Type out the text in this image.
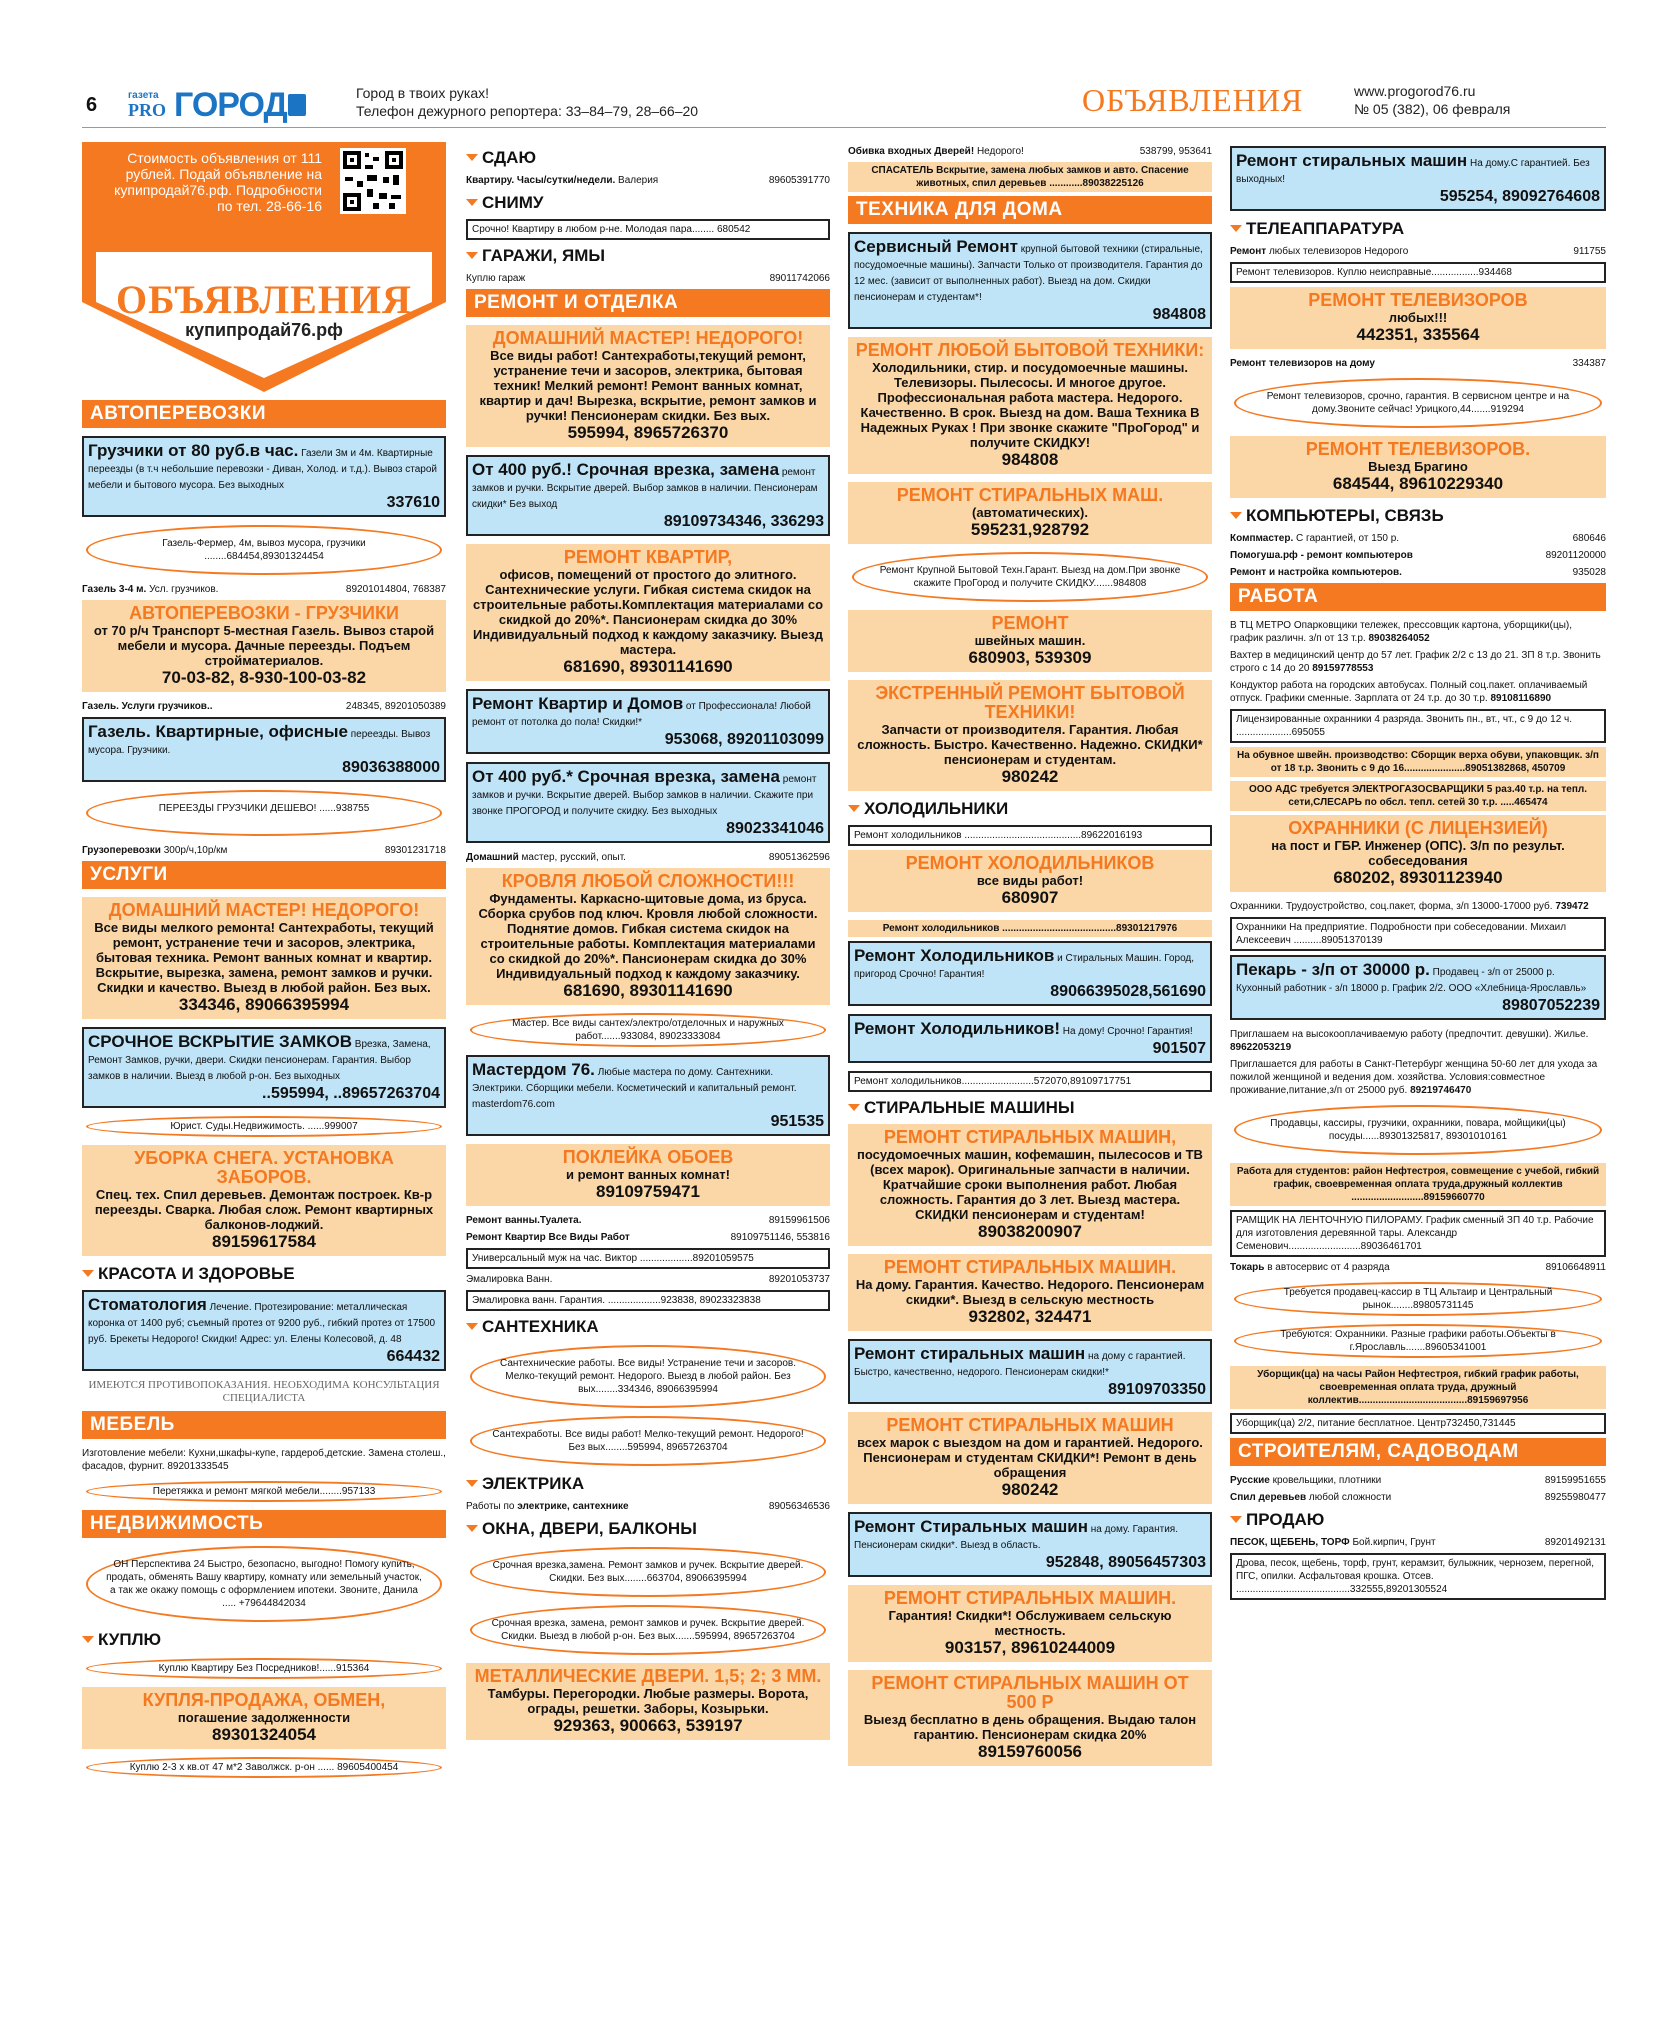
6	газета
PRO ГОРОД	Город в твоих руках!
Телефон дежурного репортера: 33–84–79, 28–66–20	ОБЪЯВЛЕНИЯ	www.progorod76.ru
№ 05 (382), 06 февраля
Стоимость объявления от 111 рублей. Подай объявление на купипродай76.рф. Подробности по тел. 28-66-16
ОБЪЯВЛЕНИЯ
купипродай76.рф
АВТОПЕРЕВОЗКИ
Грузчики от 80 руб.в час. Газели 3м и 4м. Квартирные переезды (в т.ч небольшие перевозки - Диван, Холод. и т.д.). Вывоз старой мебели и бытового мусора. Без выходных
337610
Газель-Фермер, 4м, вывоз мусора, грузчики ........684454,89301324454
Газель 3-4 м. Усл. грузчиков.	89201014804, 768387
АВТОПЕРЕВОЗКИ - ГРУЗЧИКИ
от 70 р/ч Транспорт 5-местная Газель. Вывоз старой мебели и мусора. Дачные переезды. Подъем стройматериалов.
70-03-82, 8-930-100-03-82
Газель. Услуги грузчиков..	248345, 89201050389
Газель. Квартирные, офисные переезды. Вывоз мусора. Грузчики.
89036388000
ПЕРЕЕЗДЫ ГРУЗЧИКИ ДЕШЕВО! ......938755
Грузоперевозки 300р/ч,10р/км	89301231718
УСЛУГИ
ДОМАШНИЙ МАСТЕР! НЕДОРОГО!
Все виды мелкого ремонта! Сантехработы, текущий ремонт, устранение течи и засоров, электрика, бытовая техника. Ремонт ванных комнат и квартир. Вскрытие, вырезка, замена, ремонт замков и ручки. Скидки и качество. Выезд в любой район. Без вых.
334346, 89066395994
СРОЧНОЕ ВСКРЫТИЕ ЗАМКОВ Врезка, Замена, Ремонт Замков, ручки, двери. Скидки пенсионерам. Гарантия. Выбор замков в наличии. Выезд в любой р-он. Без выходных
..595994, ..89657263704
Юрист. Суды.Недвижимость. ......999007
УБОРКА СНЕГА. УСТАНОВКА ЗАБОРОВ.
Спец. тех. Спил деревьев. Демонтаж построек. Кв-р переезды. Сварка. Любая слож. Ремонт квартирных балконов-лоджий.
89159617584
КРАСОТА И ЗДОРОВЬЕ
Стоматология Лечение. Протезирование: металлическая коронка от 1400 руб; съемный протез от 9200 руб., гибкий протез от 17500 руб. Брекеты Недорого! Скидки! Адрес: ул. Елены Колесовой, д. 48
664432
ИМЕЮТСЯ ПРОТИВОПОКАЗАНИЯ. НЕОБХОДИМА КОНСУЛЬТАЦИЯ СПЕЦИАЛИСТА
МЕБЕЛЬ
Изготовление мебели: Кухни,шкафы-купе, гардероб,детские. Замена столеш., фасадов, фурнит. 89201333545
Перетяжка и ремонт мягкой мебели........957133
НЕДВИЖИМОСТЬ
ОН Перспектива 24 Быстро, безопасно, выгодно! Помогу купить, продать, обменять Вашу квартиру, комнату или земельный участок, а так же окажу помощь с оформлением ипотеки. Звоните, Данила ..... +79644842034
КУПЛЮ
Куплю Квартиру Без Посредников!......915364
КУПЛЯ-ПРОДАЖА, ОБМЕН,
погашение задолженности
89301324054
Куплю 2-3 х кв.от 47 м*2 Заволжск. р-он ...... 89605400454
СДАЮ
Квартиру. Часы/сутки/недели. Валерия	89605391770
СНИМУ
Срочно! Квартиру в любом р-не. Молодая пара........ 680542
ГАРАЖИ, ЯМЫ
Куплю гараж	89011742066
РЕМОНТ И ОТДЕЛКА
ДОМАШНИЙ МАСТЕР! НЕДОРОГО!
Все виды работ! Сантехработы,текущий ремонт, устранение течи и засоров, электрика, бытовая техник! Мелкий ремонт! Ремонт ванных комнат, квартир и дач! Вырезка, вскрытие, ремонт замков и ручки! Пенсионерам скидки. Без вых.
595994, 8965726370
От 400 руб.! Срочная врезка, замена ремонт замков и ручки. Вскрытие дверей. Выбор замков в наличии. Пенсионерам скидки* Без выход
89109734346, 336293
РЕМОНТ КВАРТИР,
офисов, помещений от простого до элитного. Сантехнические услуги. Гибкая система скидок на строительные работы.Комплектация материалами со скидкой до 20%*. Пансионерам скидка до 30% Индивидуальный подход к каждому заказчику. Выезд мастера.
681690, 89301141690
Ремонт Квартир и Домов от Профессионала! Любой ремонт от потолка до пола! Скидки!*
953068, 89201103099
От 400 руб.* Срочная врезка, замена ремонт замков и ручки. Вскрытие дверей. Выбор замков в наличии. Скажите при звонке ПРОГОРОД и получите скидку. Без выходных
89023341046
Домашний мастер, русский, опыт.	89051362596
КРОВЛЯ ЛЮБОЙ СЛОЖНОСТИ!!!
Фундаменты. Каркасно-щитовые дома, из бруса. Сборка срубов под ключ. Кровля любой сложности. Поднятие домов. Гибкая система скидок на строительные работы. Комплектация материалами со скидкой до 20%*. Пансионерам скидка до 30% Индивидуальный подход к каждому заказчику.
681690, 89301141690
Мастер. Все виды сантех/электро/отделочных и наружных работ.......933084, 89023333084
Мастердом 76. Любые мастера по дому. Сантехники. Электрики. Сборщики мебели. Косметический и капитальный ремонт. masterdom76.com
951535
ПОКЛЕЙКА ОБОЕВ
и ремонт ванных комнат!
89109759471
Ремонт ванны.Туалета.	89159961506
Ремонт Квартир Все Виды Работ	89109751146, 553816
Универсальный муж на час. Виктор ...................89201059575
Эмалировка Ванн.	89201053737
Эмалировка ванн. Гарантия. ...................923838, 89023323838
САНТЕХНИКА
Сантехнические работы. Все виды! Устранение течи и засоров. Мелко-текущий ремонт. Недорого. Выезд в любой район. Без вых........334346, 89066395994
Сантехработы. Все виды работ! Мелко-текущий ремонт. Недорого! Без вых........595994, 89657263704
ЭЛЕКТРИКА
Работы по электрике, сантехнике	89056346536
ОКНА, ДВЕРИ, БАЛКОНЫ
Срочная врезка,замена. Ремонт замков и ручек. Вскрытие дверей. Скидки. Без вых........663704, 89066395994
Срочная врезка, замена, ремонт замков и ручек. Вскрытие дверей. Скидки. Выезд в любой р-он. Без вых.......595994, 89657263704
МЕТАЛЛИЧЕСКИЕ ДВЕРИ. 1,5; 2; 3 ММ.
Тамбуры. Перегородки. Любые размеры. Ворота, ограды, решетки. Заборы, Козырьки.
929363, 900663, 539197
Обивка входных Дверей! Недорого!	538799, 953641
СПАСАТЕЛЬ Вскрытие, замена любых замков и авто. Спасение животных, спил деревьев ............89038225126
ТЕХНИКА ДЛЯ ДОМА
Сервисный Ремонт крупной бытовой техники (стиральные, посудомоечные машины). Запчасти Только от производителя. Гарантия до 12 мес. (зависит от выполненных работ). Выезд на дом. Скидки пенсионерам и студентам*!
984808
РЕМОНТ ЛЮБОЙ БЫТОВОЙ ТЕХНИКИ:
Холодильники, стир. и посудомоечные машины. Телевизоры. Пылесосы. И многое другое. Профессиональная работа мастера. Недорого. Качественно. В срок. Выезд на дом. Ваша Техника В Надежных Руках ! При звонке скажите "ПроГород" и получите СКИДКУ!
984808
РЕМОНТ СТИРАЛЬНЫХ МАШ.
(автоматических).
595231,928792
Ремонт Крупной Бытовой Техн.Гарант. Выезд на дом.При звонке скажите ПроГород и получите СКИДКУ.......984808
РЕМОНТ
швейных машин.
680903, 539309
ЭКСТРЕННЫЙ РЕМОНТ БЫТОВОЙ ТЕХНИКИ!
Запчасти от производителя. Гарантия. Любая сложность. Быстро. Качественно. Надежно. СКИДКИ* пенсионерам и студентам.
980242
ХОЛОДИЛЬНИКИ
Ремонт холодильников ..........................................89622016193
РЕМОНТ ХОЛОДИЛЬНИКОВ
все виды работ!
680907
Ремонт холодильников .........................................89301217976
Ремонт Холодильников и Стиральных Машин. Город, пригород Срочно! Гарантия!
89066395028,561690
Ремонт Холодильников! На дому! Срочно! Гарантия!
901507
Ремонт холодильников..........................572070,89109717751
СТИРАЛЬНЫЕ МАШИНЫ
РЕМОНТ СТИРАЛЬНЫХ МАШИН,
посудомоечных машин, кофемашин, пылесосов и ТВ (всех марок). Оригинальные запчасти в наличии. Кратчайшие сроки выполнения работ. Любая сложность. Гарантия до 3 лет. Выезд мастера. СКИДКИ пенсионерам и студентам!
89038200907
РЕМОНТ СТИРАЛЬНЫХ МАШИН.
На дому. Гарантия. Качество. Недорого. Пенсионерам скидки*. Выезд в сельскую местность
932802, 324471
Ремонт стиральных машин на дому с гарантией. Быстро, качественно, недорого. Пенсионерам скидки!*
89109703350
РЕМОНТ СТИРАЛЬНЫХ МАШИН
всех марок с выездом на дом и гарантией. Недорого. Пенсионерам и студентам СКИДКИ*! Ремонт в день обращения
980242
Ремонт Стиральных машин на дому. Гарантия. Пенсионерам скидки*. Выезд в область.
952848, 89056457303
РЕМОНТ СТИРАЛЬНЫХ МАШИН.
Гарантия! Скидки*! Обслуживаем сельскую местность.
903157, 89610244009
РЕМОНТ СТИРАЛЬНЫХ МАШИН ОТ 500 Р
Выезд бесплатно в день обращения. Выдаю талон гарантию. Пенсионерам скидка 20%
89159760056
Ремонт стиральных машин На дому.С гарантией. Без выходных!
595254, 89092764608
ТЕЛЕАППАРАТУРА
Ремонт любых телевизоров Недорого	911755
Ремонт телевизоров. Куплю неисправные.................934468
РЕМОНТ ТЕЛЕВИЗОРОВ
любых!!!
442351, 335564
Ремонт телевизоров на дому	334387
Ремонт телевизоров, срочно, гарантия. В сервисном центре и на дому.Звоните сейчас! Урицкого,44.......919294
РЕМОНТ ТЕЛЕВИЗОРОВ.
Выезд Брагино
684544, 89610229340
КОМПЬЮТЕРЫ, СВЯЗЬ
Компмастер. С гарантией, от 150 р.	680646
Помогуша.рф - ремонт компьютеров	89201120000
Ремонт и настройка компьютеров.	935028
РАБОТА
В ТЦ МЕТРО Опарковщики тележек, прессовщик картона, уборщики(цы), график различн. з/п от 13 т.р. 89038264052
Вахтер в медицинский центр до 57 лет. График 2/2 с 13 до 21. ЗП 8 т.р. Звонить строго с 14 до 20 89159778553
Кондуктор работа на городских автобусах. Полный соц.пакет. оплачиваемый отпуск. Графики сменные. Зарплата от 24 т.р. до 30 т.р. 89108116890
Лицензированные охранники 4 разряда. Звонить пн., вт., чт., с 9 до 12 ч. ....................695055
На обувное швейн. производство: Сборщик верха обуви, упаковщик. з/п от 18 т.р. Звонить с 9 до 16......................89051382868, 450709
ООО АДС требуется ЭЛЕКТРОГАЗОСВАРЩИКИ 5 раз.40 т.р. на тепл. сети,СЛЕСАРЬ по обсл. тепл. сетей 30 т.р. .....465474
ОХРАННИКИ (С ЛИЦЕНЗИЕЙ)
на пост и ГБР. Инженер (ОПС). З/п по результ. собеседования
680202, 89301123940
Охранники. Трудоустройство, соц.пакет, форма, з/п 13000-17000 руб. 739472
Охранники На предприятие. Подробности при собеседовании. Михаил Алексеевич ..........89051370139
Пекарь - з/п от 30000 р. Продавец - з/п от 25000 р. Кухонный работник - з/п 18000 р. График 2/2. ООО «Хлебница-Ярославль»
89807052239
Приглашаем на высокооплачиваемую работу (предпочтит. девушки). Жилье. 89622053219
Приглашается для работы в Санкт-Петербург женщина 50-60 лет для ухода за пожилой женщиной и ведения дом. хозяйства. Условия:совместное проживание,питание,з/п от 25000 руб. 89219746470
Продавцы, кассиры, грузчики, охранники, повара, мойщики(цы) посуды......89301325817, 89301010161
Работа для студентов: район Нефтестроя, совмещение с учебой, гибкий график, своевременная оплата труда,дружный коллектив ..........................89159660770
РАМЩИК НА ЛЕНТОЧНУЮ ПИЛОРАМУ. График сменный ЗП 40 т.р. Рабочие для изготовления деревянной тары. Александр Семенович..........................89036461701
Токарь в автосервис от 4 разряда	89106648911
Требуется продавец-кассир в ТЦ Альтаир и Центральный рынок........89805731145
Требуются: Охранники. Разные графики работы.Объекты в г.Ярославль.......89605341001
Уборщик(ца) на часы Район Нефтестроя, гибкий график работы, своевременная оплата труда, дружный коллектив.......................................89159697956
Уборщик(ца) 2/2, питание бесплатное. Центр732450,731445
СТРОИТЕЛЯМ, САДОВОДАМ
Русские кровельщики, плотники	89159951655
Спил деревьев любой сложности	89255980477
ПРОДАЮ
ПЕСОК, ЩЕБЕНЬ, ТОРФ Бой.кирпич, Грунт	89201492131
Дрова, песок, щебень, торф, грунт, керамзит, булыжник, чернозем, перегной, ПГС, опилки. Асфальтовая крошка. Отсев. .........................................332555,89201305524
